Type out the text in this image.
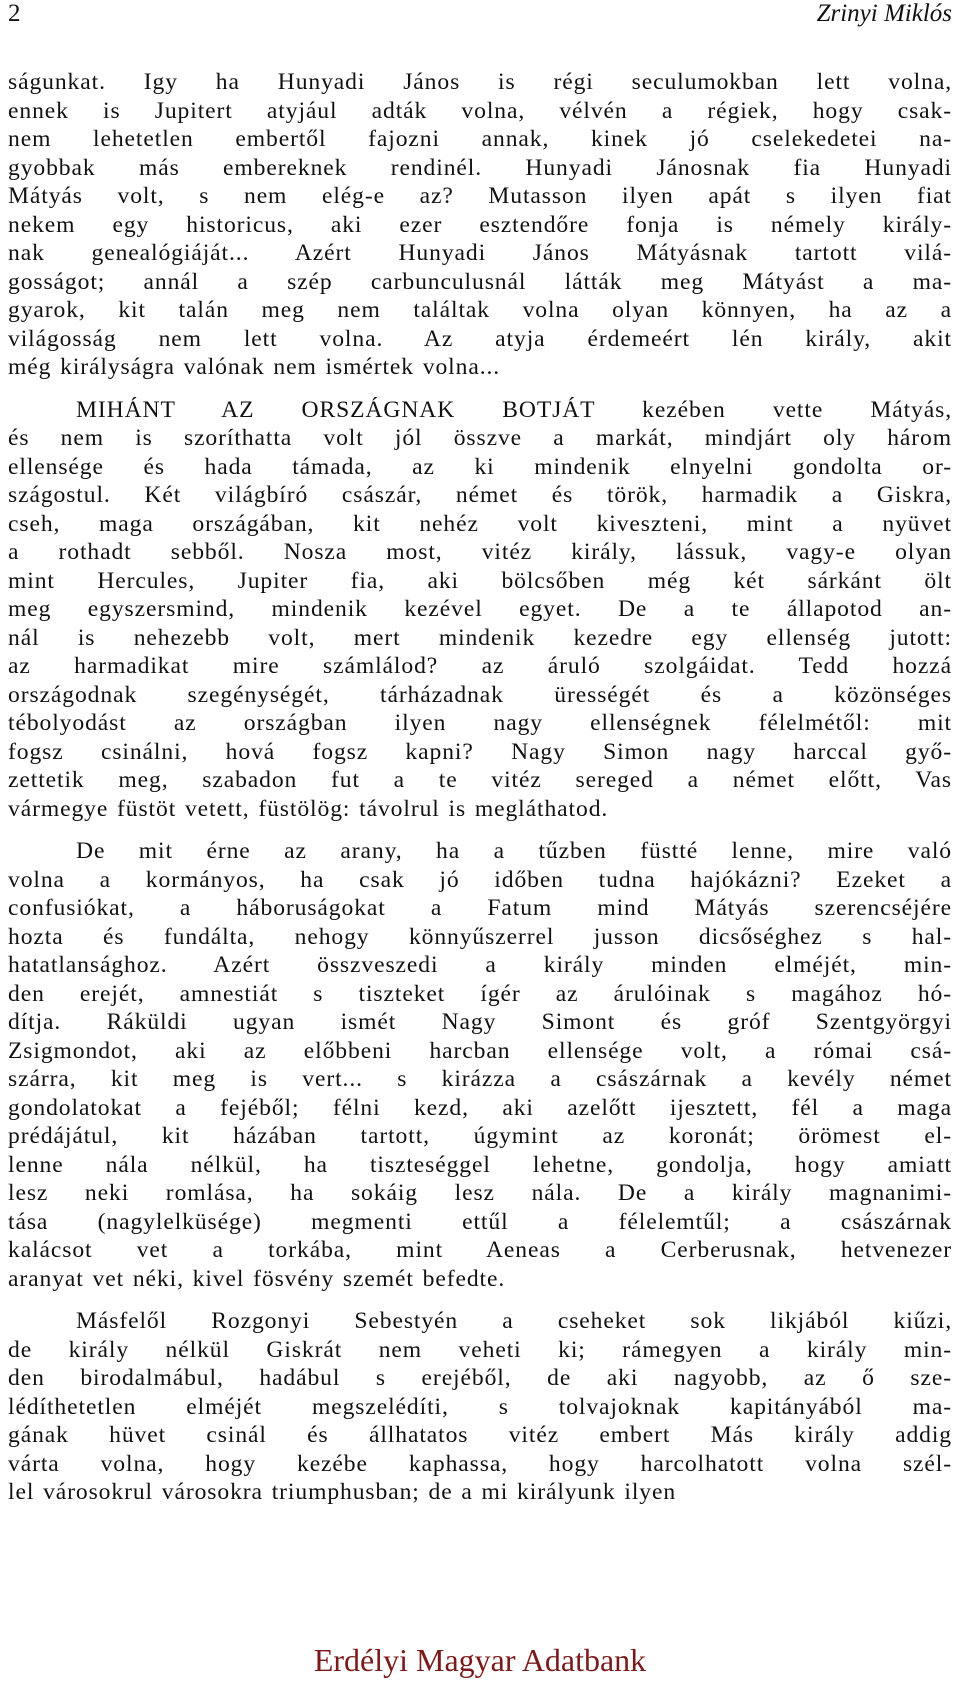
2	Zrinyi Miklós
ságunkat. Igy ha Hunyadi János is régi seculumokban lett volna,
ennek is Jupitert atyjául adták volna, vélvén a régiek, hogy csak-
nem lehetetlen embertől fajozni annak, kinek jó cselekedetei na-
gyobbak más embereknek rendinél. Hunyadi Jánosnak fia Hunyadi
Mátyás volt, s nem elég-e az? Mutasson ilyen apát s ilyen fiat
nekem egy historicus, aki ezer esztendőre fonja is némely király-
nak genealógiáját... Azért Hunyadi János Mátyásnak tartott vilá-
gosságot; annál a szép carbunculusnál látták meg Mátyást a ma-
gyarok, kit talán meg nem találtak volna olyan könnyen, ha az a
világosság nem lett volna. Az atyja érdemeért lén király, akit
még királyságra valónak nem ismértek volna...
MIHÁNT AZ ORSZÁGNAK BOTJÁT kezében vette Mátyás,
és nem is szoríthatta volt jól összve a markát, mindjárt oly három
ellensége és hada támada, az ki mindenik elnyelni gondolta or-
szágostul. Két világbíró császár, német és török, harmadik a Giskra,
cseh, maga országában, kit nehéz volt kiveszteni, mint a nyüvet
a rothadt sebből. Nosza most, vitéz király, lássuk, vagy-e olyan
mint Hercules, Jupiter fia, aki bölcsőben még két sárkánt ölt
meg egyszersmind, mindenik kezével egyet. De a te állapotod an-
nál is nehezebb volt, mert mindenik kezedre egy ellenség jutott:
az harmadikat mire számlálod? az áruló szolgáidat. Tedd hozzá
országodnak szegénységét, tárházadnak ürességét és a közönséges
tébolyodást az országban ilyen nagy ellenségnek félelmétől: mit
fogsz csinálni, hová fogsz kapni? Nagy Simon nagy harccal győ-
zettetik meg, szabadon fut a te vitéz sereged a német előtt, Vas
vármegye füstöt vetett, füstölög: távolrul is megláthatod.
De mit érne az arany, ha a tűzben füstté lenne, mire való
volna a kormányos, ha csak jó időben tudna hajókázni? Ezeket a
confusiókat, a háboruságokat a Fatum mind Mátyás szerencséjére
hozta és fundálta, nehogy könnyűszerrel jusson dicsőséghez s hal-
hatatlansághoz. Azért összveszedi a király minden elméjét, min-
den erejét, amnestiát s tiszteket ígér az árulóinak s magához hó-
dítja. Ráküldi ugyan ismét Nagy Simont és gróf Szentgyörgyi
Zsigmondot, aki az előbbeni harcban ellensége volt, a római csá-
szárra, kit meg is vert... s kirázza a császárnak a kevély német
gondolatokat a fejéből; félni kezd, aki azelőtt ijesztett, fél a maga
prédájátul, kit házában tartott, úgymint az koronát; örömest el-
lenne nála nélkül, ha tiszteséggel lehetne, gondolja, hogy amiatt
lesz neki romlása, ha sokáig lesz nála. De a király magnanimi-
tása (nagylelküsége) megmenti ettűl a félelemtűl; a császárnak
kalácsot vet a torkába, mint Aeneas a Cerberusnak, hetvenezer
aranyat vet néki, kivel fösvény szemét befedte.
Másfelől Rozgonyi Sebestyén a cseheket sok likjából kiűzi,
de király nélkül Giskrát nem veheti ki; rámegyen a király min-
den birodalmábul, hadábul s erejéből, de aki nagyobb, az ő sze-
lédíthetetlen elméjét megszelédíti, s tolvajoknak kapitányából ma-
gának hüvet csinál és állhatatos vitéz embert Más király addig
várta volna, hogy kezébe kaphassa, hogy harcolhatott volna szél-
lel városokrul városokra triumphusban; de a mi királyunk ilyen
Erdélyi Magyar Adatbank
